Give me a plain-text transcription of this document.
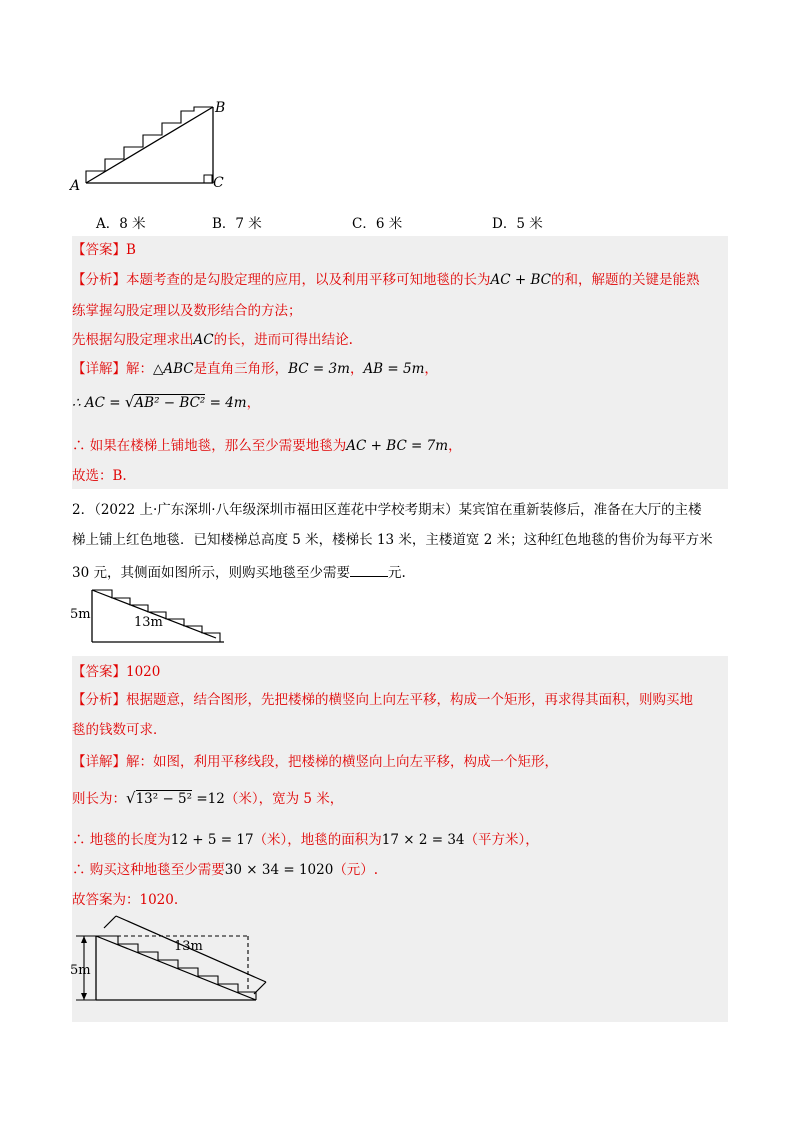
A
B
C
A．8 米	B．7 米	C．6 米	D．5 米
【答案】B
【分析】本题考查的是勾股定理的应用，以及利用平移可知地毯的长为AC + BC的和，解题的关键是能熟
练掌握勾股定理以及数形结合的方法；
先根据勾股定理求出AC的长，进而可得出结论.
【详解】解：△ABC是直角三角形，BC = 3m，AB = 5m，
∴ AC = √AB² − BC² = 4m，
∴ 如果在楼梯上铺地毯，那么至少需要地毯为AC + BC = 7m，
故选：B.
2．（2022 上·广东深圳·八年级深圳市福田区莲花中学校考期末）某宾馆在重新装修后，准备在大厅的主楼
梯上铺上红色地毯．已知楼梯总高度 5 米，楼梯长 13 米，主楼道宽 2 米；这种红色地毯的售价为每平方米
30 元，其侧面如图所示，则购买地毯至少需要	元.
5m
13m
【答案】1020
【分析】根据题意，结合图形，先把楼梯的横竖向上向左平移，构成一个矩形，再求得其面积，则购买地
毯的钱数可求．
【详解】解：如图，利用平移线段，把楼梯的横竖向上向左平移，构成一个矩形，
则长为：√13² − 5² =12（米），宽为 5 米，
∴ 地毯的长度为12 + 5 = 17（米），地毯的面积为17 × 2 = 34（平方米），
∴ 购买这种地毯至少需要30 × 34 = 1020（元）.
故答案为：1020.
5m
13m
